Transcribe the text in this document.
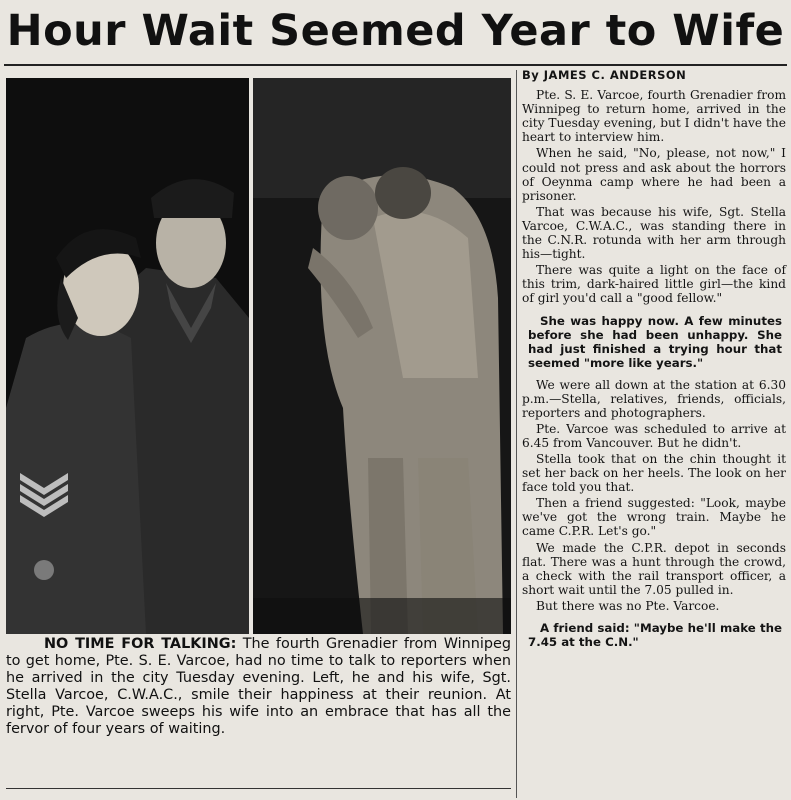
Hour Wait Seemed Year to Wife
NO TIME FOR TALKING: The fourth Grenadier from Winnipeg to get home, Pte. S. E. Varcoe, had no time to talk to reporters when he arrived in the city Tuesday evening. Left, he and his wife, Sgt. Stella Varcoe, C.W.A.C., smile their happiness at their reunion. At right, Pte. Varcoe sweeps his wife into an embrace that has all the fervor of four years of waiting.
By JAMES C. ANDERSON

Pte. S. E. Varcoe, fourth Grenadier from Winnipeg to return home, arrived in the city Tuesday evening, but I didn't have the heart to interview him.

When he said, "No, please, not now," I could not press and ask about the horrors of Oeynma camp where he had been a prisoner.

That was because his wife, Sgt. Stella Varcoe, C.W.A.C., was standing there in the C.N.R. rotunda with her arm through his—tight.

There was quite a light on the face of this trim, dark-haired little girl—the kind of girl you'd call a "good fellow."

She was happy now. A few minutes before she had been unhappy. She had just finished a trying hour that seemed "more like years."

We were all down at the station at 6.30 p.m.—Stella, relatives, friends, officials, reporters and photographers.

Pte. Varcoe was scheduled to arrive at 6.45 from Vancouver. But he didn't.

Stella took that on the chin thought it set her back on her heels. The look on her face told you that.

Then a friend suggested: "Look, maybe we've got the wrong train. Maybe he came C.P.R. Let's go."

We made the C.P.R. depot in seconds flat. There was a hunt through the crowd, a check with the rail transport officer, a short wait until the 7.05 pulled in.

But there was no Pte. Varcoe.

A friend said: "Maybe he'll make the 7.45 at the C.N."
